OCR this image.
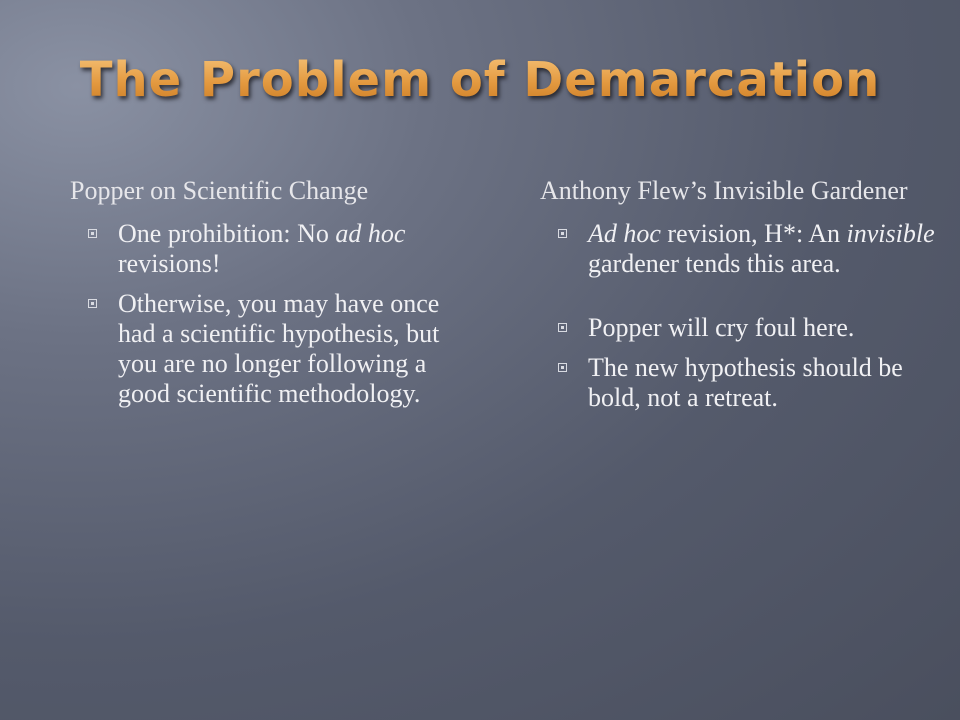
The Problem of Demarcation
Popper on Scientific Change
One prohibition: No ad hoc revisions!
Otherwise, you may have once had a scientific hypothesis, but you are no longer following a good scientific methodology.
Anthony Flew’s Invisible Gardener
Ad hoc revision, H*: An invisible gardener tends this area.
Popper will cry foul here.
The new hypothesis should be bold, not a retreat.
